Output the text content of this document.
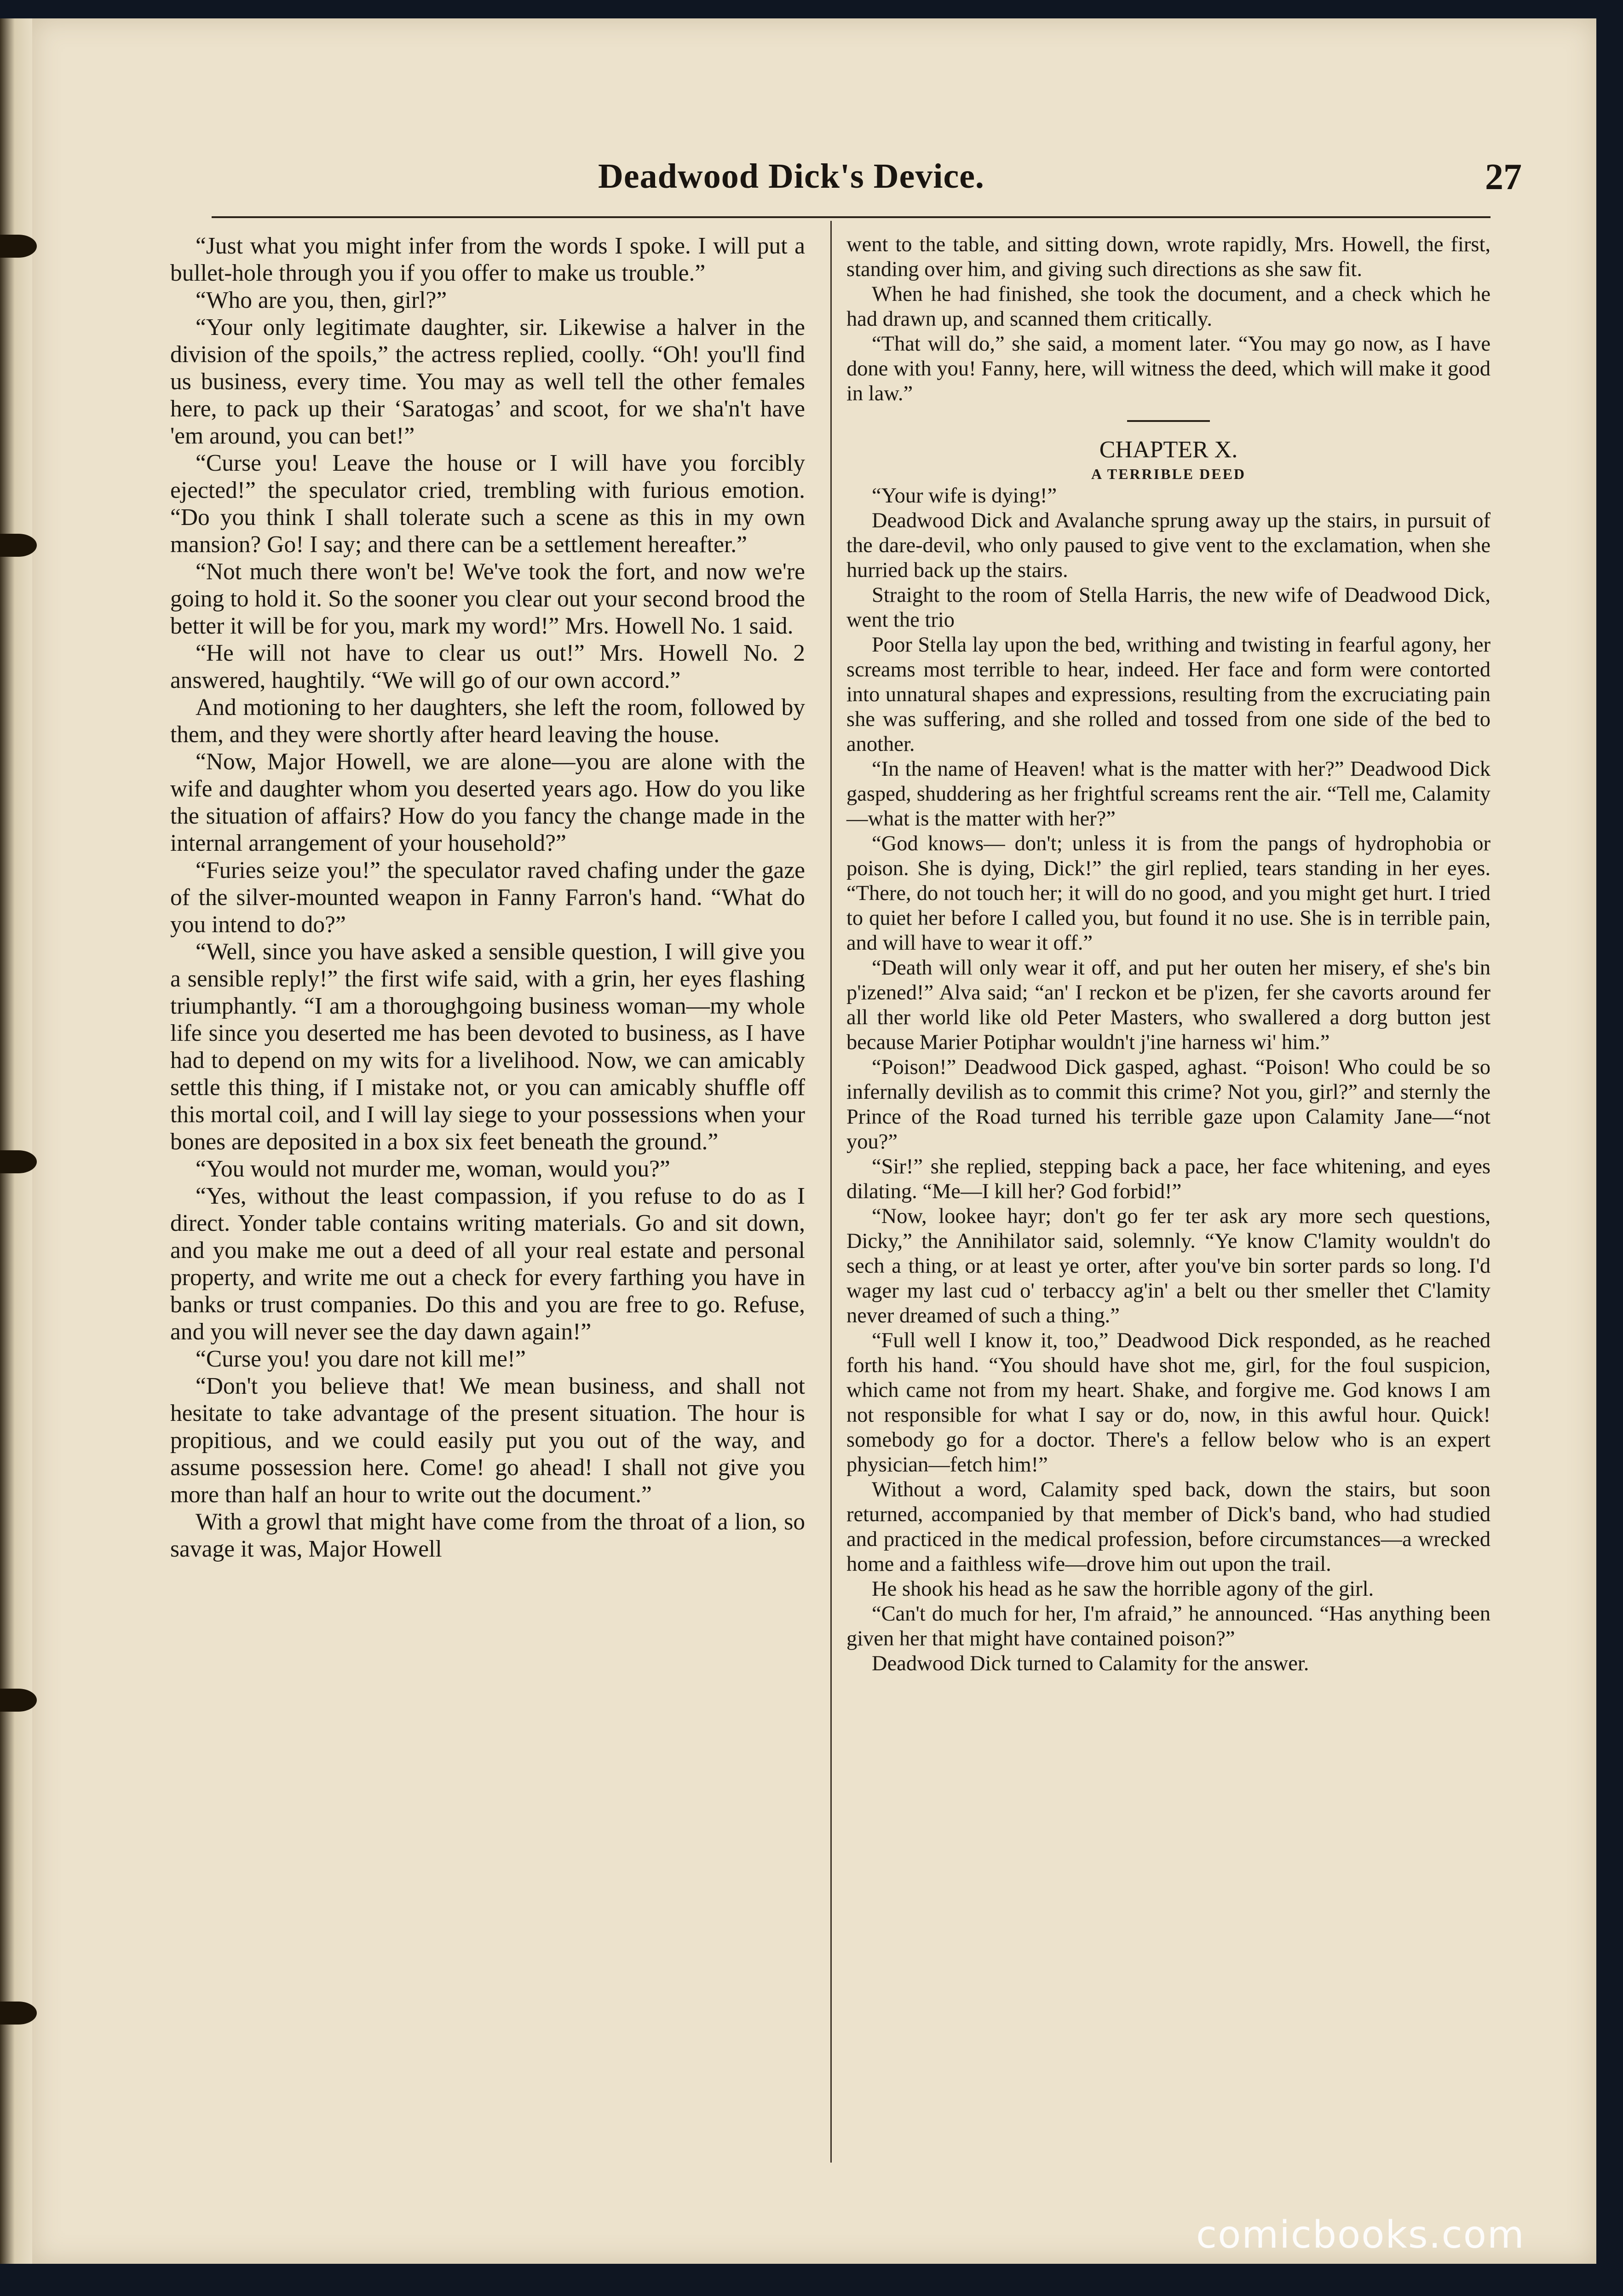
Deadwood Dick's Device.	27

“Just what you might infer from the words I spoke. I will put a bullet-hole through you if you offer to make us trouble.”

“Who are you, then, girl?”

“Your only legitimate daughter, sir. Likewise a halver in the division of the spoils,” the actress replied, coolly. “Oh! you'll find us business, every time. You may as well tell the other females here, to pack up their ‘Saratogas’ and scoot, for we sha'n't have 'em around, you can bet!”

“Curse you! Leave the house or I will have you forcibly ejected!” the speculator cried, trembling with furious emotion. “Do you think I shall tolerate such a scene as this in my own mansion? Go! I say; and there can be a settlement hereafter.”

“Not much there won't be! We've took the fort, and now we're going to hold it. So the sooner you clear out your second brood the better it will be for you, mark my word!” Mrs. Howell No. 1 said.

“He will not have to clear us out!” Mrs. Howell No. 2 answered, haughtily. “We will go of our own accord.”

And motioning to her daughters, she left the room, followed by them, and they were shortly after heard leaving the house.

“Now, Major Howell, we are alone—you are alone with the wife and daughter whom you deserted years ago. How do you like the situation of affairs? How do you fancy the change made in the internal arrangement of your household?”

“Furies seize you!” the speculator raved chafing under the gaze of the silver-mounted weapon in Fanny Farron's hand. “What do you intend to do?”

“Well, since you have asked a sensible question, I will give you a sensible reply!” the first wife said, with a grin, her eyes flashing triumphantly. “I am a thoroughgoing business woman—my whole life since you deserted me has been devoted to business, as I have had to depend on my wits for a livelihood. Now, we can amicably settle this thing, if I mistake not, or you can amicably shuffle off this mortal coil, and I will lay siege to your possessions when your bones are deposited in a box six feet beneath the ground.”

“You would not murder me, woman, would you?”

“Yes, without the least compassion, if you refuse to do as I direct. Yonder table contains writing materials. Go and sit down, and you make me out a deed of all your real estate and personal property, and write me out a check for every farthing you have in banks or trust companies. Do this and you are free to go. Refuse, and you will never see the day dawn again!”

“Curse you! you dare not kill me!”

“Don't you believe that! We mean business, and shall not hesitate to take advantage of the present situation. The hour is propitious, and we could easily put you out of the way, and assume possession here. Come! go ahead! I shall not give you more than half an hour to write out the document.”

With a growl that might have come from the throat of a lion, so savage it was, Major Howell

went to the table, and sitting down, wrote rapidly, Mrs. Howell, the first, standing over him, and giving such directions as she saw fit.

When he had finished, she took the document, and a check which he had drawn up, and scanned them critically.

“That will do,” she said, a moment later. “You may go now, as I have done with you! Fanny, here, will witness the deed, which will make it good in law.”

CHAPTER X.

A TERRIBLE DEED

“Your wife is dying!”

Deadwood Dick and Avalanche sprung away up the stairs, in pursuit of the dare-devil, who only paused to give vent to the exclamation, when she hurried back up the stairs.

Straight to the room of Stella Harris, the new wife of Deadwood Dick, went the trio

Poor Stella lay upon the bed, writhing and twisting in fearful agony, her screams most terrible to hear, indeed. Her face and form were contorted into unnatural shapes and expressions, resulting from the excruciating pain she was suffering, and she rolled and tossed from one side of the bed to another.

“In the name of Heaven! what is the matter with her?” Deadwood Dick gasped, shuddering as her frightful screams rent the air. “Tell me, Calamity—what is the matter with her?”

“God knows— don't; unless it is from the pangs of hydrophobia or poison. She is dying, Dick!” the girl replied, tears standing in her eyes. “There, do not touch her; it will do no good, and you might get hurt. I tried to quiet her before I called you, but found it no use. She is in terrible pain, and will have to wear it off.”

“Death will only wear it off, and put her outen her misery, ef she's bin p'izened!” Alva said; “an' I reckon et be p'izen, fer she cavorts around fer all ther world like old Peter Masters, who swallered a dorg button jest because Marier Potiphar wouldn't j'ine harness wi' him.”

“Poison!” Deadwood Dick gasped, aghast. “Poison! Who could be so infernally devilish as to commit this crime? Not you, girl?” and sternly the Prince of the Road turned his terrible gaze upon Calamity Jane—“not you?”

“Sir!” she replied, stepping back a pace, her face whitening, and eyes dilating. “Me—I kill her? God forbid!”

“Now, lookee hayr; don't go fer ter ask ary more sech questions, Dicky,” the Annihilator said, solemnly. “Ye know C'lamity wouldn't do sech a thing, or at least ye orter, after you've bin sorter pards so long. I'd wager my last cud o' terbaccy ag'in' a belt ou ther smeller thet C'lamity never dreamed of such a thing.”

“Full well I know it, too,” Deadwood Dick responded, as he reached forth his hand. “You should have shot me, girl, for the foul suspicion, which came not from my heart. Shake, and forgive me. God knows I am not responsible for what I say or do, now, in this awful hour. Quick! somebody go for a doctor. There's a fellow below who is an expert physician—fetch him!”

Without a word, Calamity sped back, down the stairs, but soon returned, accompanied by that member of Dick's band, who had studied and practiced in the medical profession, before circumstances—a wrecked home and a faithless wife—drove him out upon the trail.

He shook his head as he saw the horrible agony of the girl.

“Can't do much for her, I'm afraid,” he announced. “Has anything been given her that might have contained poison?”

Deadwood Dick turned to Calamity for the answer.

comicbooks.com
